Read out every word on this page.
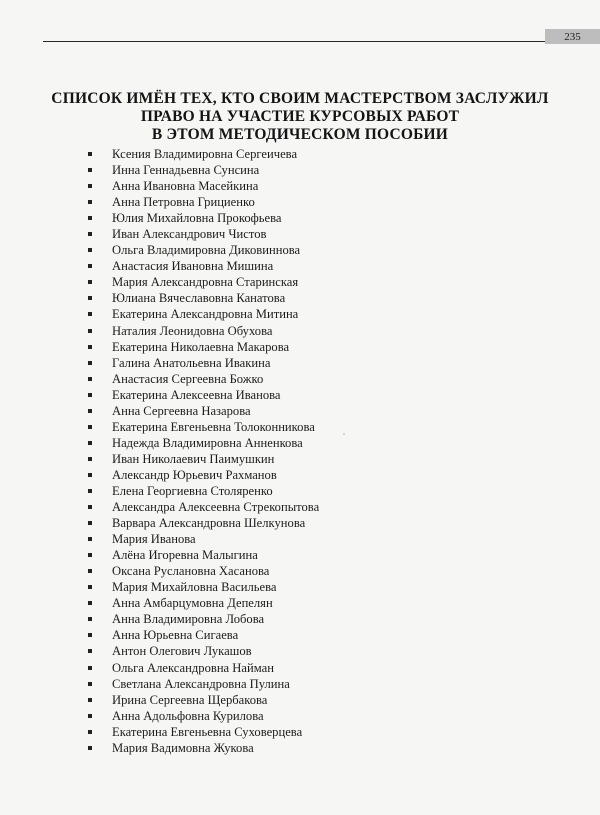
235
СПИСОК ИМЁН ТЕХ, КТО СВОИМ МАСТЕРСТВОМ ЗАСЛУЖИЛ
ПРАВО НА УЧАСТИЕ КУРСОВЫХ РАБОТ
В ЭТОМ МЕТОДИЧЕСКОМ ПОСОБИИ
Ксения Владимировна Сергеичева
Инна Геннадьевна Сунсина
Анна Ивановна Масейкина
Анна Петровна Грициенко
Юлия Михайловна Прокофьева
Иван Александрович Чистов
Ольга Владимировна Диковиннова
Анастасия Ивановна Мишина
Мария Александровна Старинская
Юлиана Вячеславовна Канатова
Екатерина Александровна Митина
Наталия Леонидовна Обухова
Екатерина Николаевна Макарова
Галина Анатольевна Ивакина
Анастасия Сергеевна Божко
Екатерина Алексеевна Иванова
Анна Сергеевна Назарова
Екатерина Евгеньевна Толоконникова
Надежда Владимировна Анненкова
Иван Николаевич Паимушкин
Александр Юрьевич Рахманов
Елена Георгиевна Столяренко
Александра Алексеевна Стрекопытова
Варвара Александровна Шелкунова
Мария Иванова
Алёна Игоревна Малыгина
Оксана Руслановна Хасанова
Мария Михайловна Васильева
Анна Амбарцумовна Депелян
Анна Владимировна Лобова
Анна Юрьевна Сигаева
Антон Олегович Лукашов
Ольга Александровна Найман
Светлана Александровна Пулина
Ирина Сергеевна Щербакова
Анна Адольфовна Курилова
Екатерина Евгеньевна Суховерцева
Мария Вадимовна Жукова
